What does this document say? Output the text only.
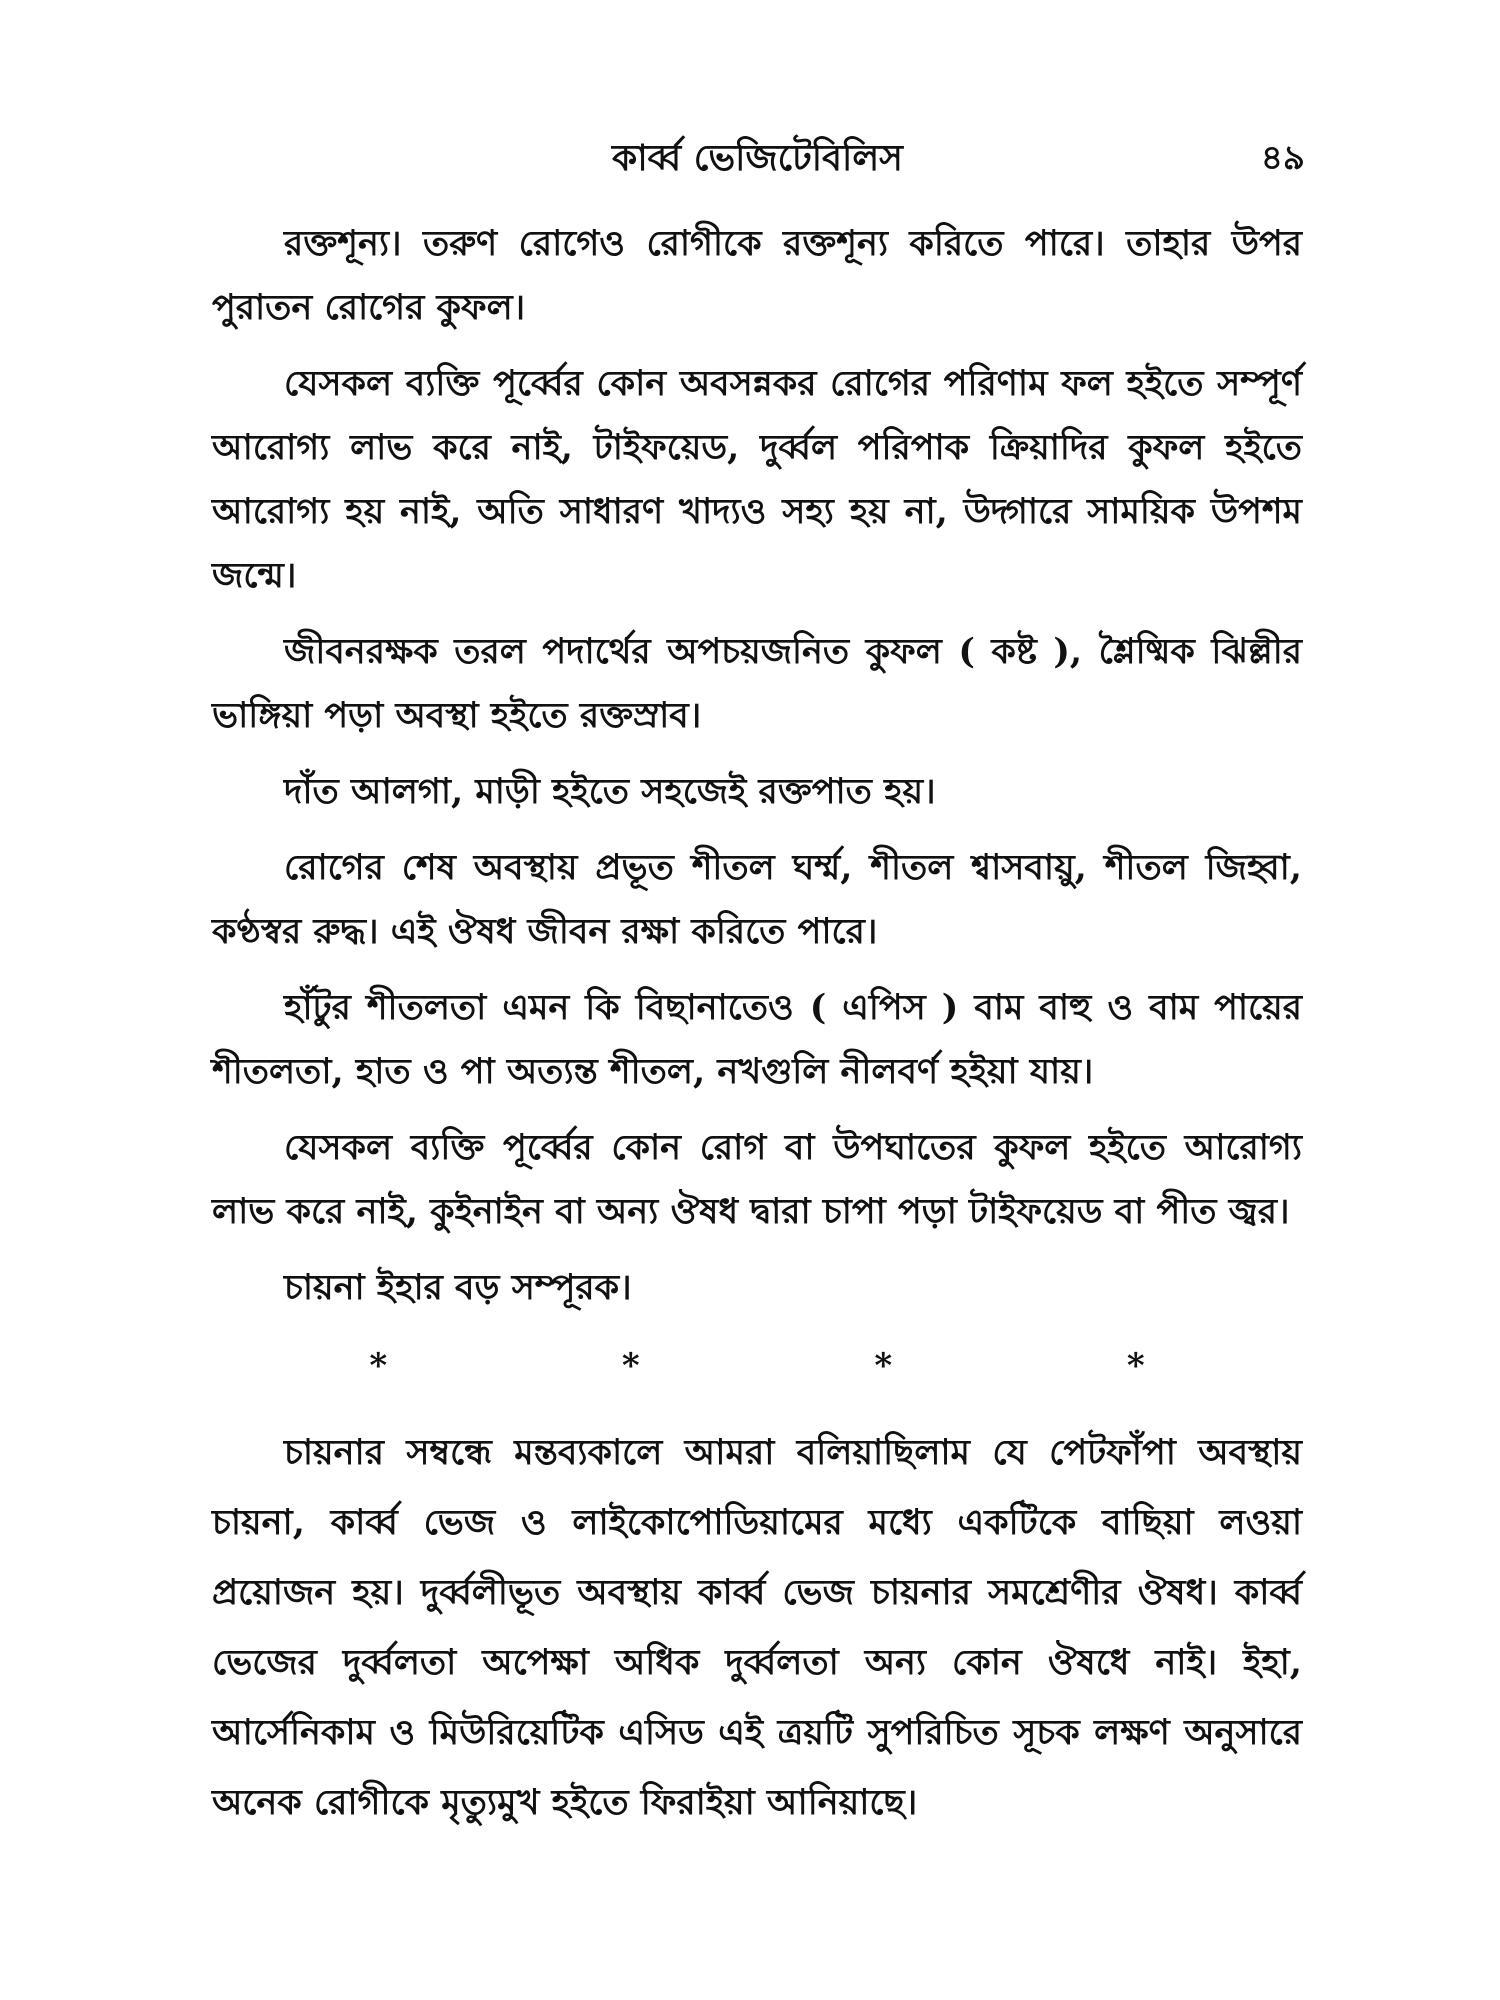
কার্ব্ব ভেজিটেবিলিস	৪৯

রক্তশূন্য। তরুণ রোগেও রোগীকে রক্তশূন্য করিতে পারে। তাহার উপর পুরাতন রোগের কুফল।

যেসকল ব্যক্তি পূর্ব্বের কোন অবসন্নকর রোগের পরিণাম ফল হইতে সম্পূর্ণ আরোগ্য লাভ করে নাই, টাইফয়েড, দুর্ব্বল পরিপাক ক্রিয়াদির কুফল হইতে আরোগ্য হয় নাই, অতি সাধারণ খাদ্যও সহ্য হয় না, উদ্গারে সাময়িক উপশম জন্মে।

জীবনরক্ষক তরল পদার্থের অপচয়জনিত কুফল ( কষ্ট ), শ্লৈষ্মিক ঝিল্লীর ভাঙ্গিয়া পড়া অবস্থা হইতে রক্তস্রাব।

দাঁত আলগা, মাড়ী হইতে সহজেই রক্তপাত হয়।

রোগের শেষ অবস্থায় প্রভূত শীতল ঘর্ম্ম, শীতল শ্বাসবায়ু, শীতল জিহ্বা, কণ্ঠস্বর রুদ্ধ। এই ঔষধ জীবন রক্ষা করিতে পারে।

হাঁটুর শীতলতা এমন কি বিছানাতেও ( এপিস ) বাম বাহু ও বাম পায়ের শীতলতা, হাত ও পা অত্যন্ত শীতল, নখগুলি নীলবর্ণ হইয়া যায়।

যেসকল ব্যক্তি পূর্ব্বের কোন রোগ বা উপঘাতের কুফল হইতে আরোগ্য লাভ করে নাই, কুইনাইন বা অন্য ঔষধ দ্বারা চাপা পড়া টাইফয়েড বা পীত জ্বর।

চায়না ইহার বড় সম্পূরক।

*	*	*	*

চায়নার সম্বন্ধে মন্তব্যকালে আমরা বলিয়াছিলাম যে পেটফাঁপা অবস্থায় চায়না, কার্ব্ব ভেজ ও লাইকোপোডিয়ামের মধ্যে একটিকে বাছিয়া লওয়া প্রয়োজন হয়। দুর্ব্বলীভূত অবস্থায় কার্ব্ব ভেজ চায়নার সমশ্রেণীর ঔষধ। কার্ব্ব ভেজের দুর্ব্বলতা অপেক্ষা অধিক দুর্ব্বলতা অন্য কোন ঔষধে নাই। ইহা, আর্সেনিকাম ও মিউরিয়েটিক এসিড এই ত্রয়টি সুপরিচিত সূচক লক্ষণ অনুসারে অনেক রোগীকে মৃত্যুমুখ হইতে ফিরাইয়া আনিয়াছে।
